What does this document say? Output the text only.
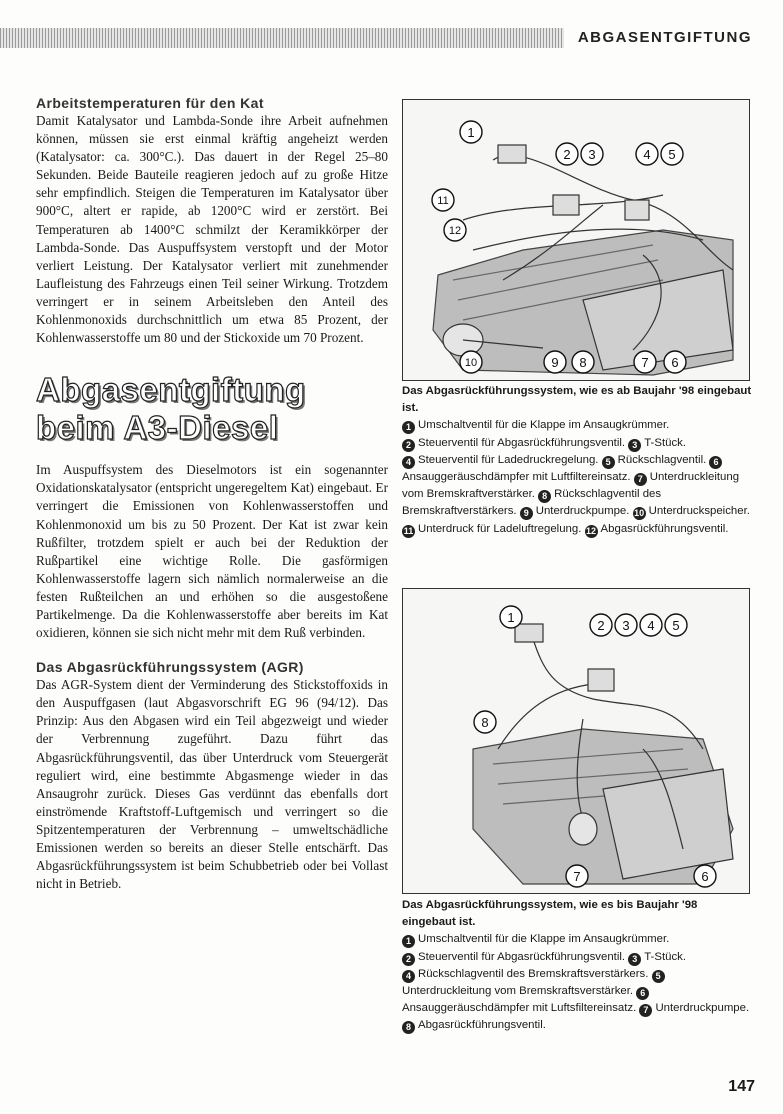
ABGASENTGIFTUNG

Arbeitstemperaturen für den Kat

Damit Katalysator und Lambda-Sonde ihre Arbeit aufnehmen können, müssen sie erst einmal kräftig angeheizt werden (Katalysator: ca. 300°C.). Das dauert in der Regel 25–80 Sekunden. Beide Bauteile reagieren jedoch auf zu große Hitze sehr empfindlich. Steigen die Temperaturen im Katalysator über 900°C, altert er rapide, ab 1200°C wird er zerstört. Bei Temperaturen ab 1400°C schmilzt der Keramikkörper der Lambda-Sonde. Das Auspuffsystem verstopft und der Motor verliert Leistung. Der Katalysator verliert mit zunehmender Laufleistung des Fahrzeugs einen Teil seiner Wirkung. Trotzdem verringert er in seinem Arbeitsleben den Anteil des Kohlenmonoxids durchschnittlich um etwa 85 Prozent, der Kohlenwasserstoffe um 80 und der Stickoxide um 70 Prozent.

Abgasentgiftung
beim A3-Diesel

Im Auspuffsystem des Dieselmotors ist ein sogenannter Oxidationskatalysator (entspricht ungeregeltem Kat) eingebaut. Er verringert die Emissionen von Kohlenwasserstoffen und Kohlenmonoxid um bis zu 50 Prozent. Der Kat ist zwar kein Rußfilter, trotzdem spielt er auch bei der Reduktion der Rußpartikel eine wichtige Rolle. Die gasförmigen Kohlenwasserstoffe lagern sich nämlich normalerweise an die festen Rußteilchen an und erhöhen so die ausgestoßene Partikelmenge. Da die Kohlenwasserstoffe aber bereits im Kat oxidieren, können sie sich nicht mehr mit dem Ruß verbinden.

Das Abgasrückführungssystem (AGR)

Das AGR-System dient der Verminderung des Stickstoffoxids in den Auspuffgasen (laut Abgasvorschrift EG 96 (94/12). Das Prinzip: Aus den Abgasen wird ein Teil abgezweigt und wieder der Verbrennung zugeführt. Dazu führt das Abgasrückführungsventil, das über Unterdruck vom Steuergerät reguliert wird, eine bestimmte Abgasmenge wieder in das Ansaugrohr zurück. Dieses Gas verdünnt das ebenfalls dort einströmende Kraftstoff-Luftgemisch und verringert so die Spitzentemperaturen der Verbrennung – umweltschädliche Emissionen werden so bereits an dieser Stelle entschärft. Das Abgasrückführungssystem ist beim Schubbetrieb oder bei Vollast nicht in Betrieb.

1
2 3	4 5
6
7
8
9
10
11
12

Das Abgasrückführungssystem, wie es ab Baujahr '98 eingebaut ist.

1 Umschaltventil für die Klappe im Ansaugkrümmer.
2 Steuerventil für Abgasrückführungsventil. 3 T-Stück.
4 Steuerventil für Ladedruckregelung. 5 Rückschlagventil. 6Ansauggeräuschdämpfer mit Luftfiltereinsatz. 7 Unterdruckleitung vom Bremskraftverstärker. 8 Rückschlagventil des Bremskraftverstärkers. 9 Unterdruckpumpe. 10 Unterdruckspeicher. 11 Unterdruck für Ladeluftregelung. 12 Abgasrückführungsventil.

1
2 3 4 5
6
7
8

Das Abgasrückführungssystem, wie es bis Baujahr '98 eingebaut ist.

1 Umschaltventil für die Klappe im Ansaugkrümmer.
2 Steuerventil für Abgasrückführungsventil. 3 T-Stück.
4 Rückschlagventil des Bremskraftsverstärkers. 5Unterdruckleitung vom Bremskraftsverstärker. 6Ansauggeräuschdämpfer mit Luftsfiltereinsatz. 7 Unterdruckpumpe. 8 Abgasrückführungsventil.

147
